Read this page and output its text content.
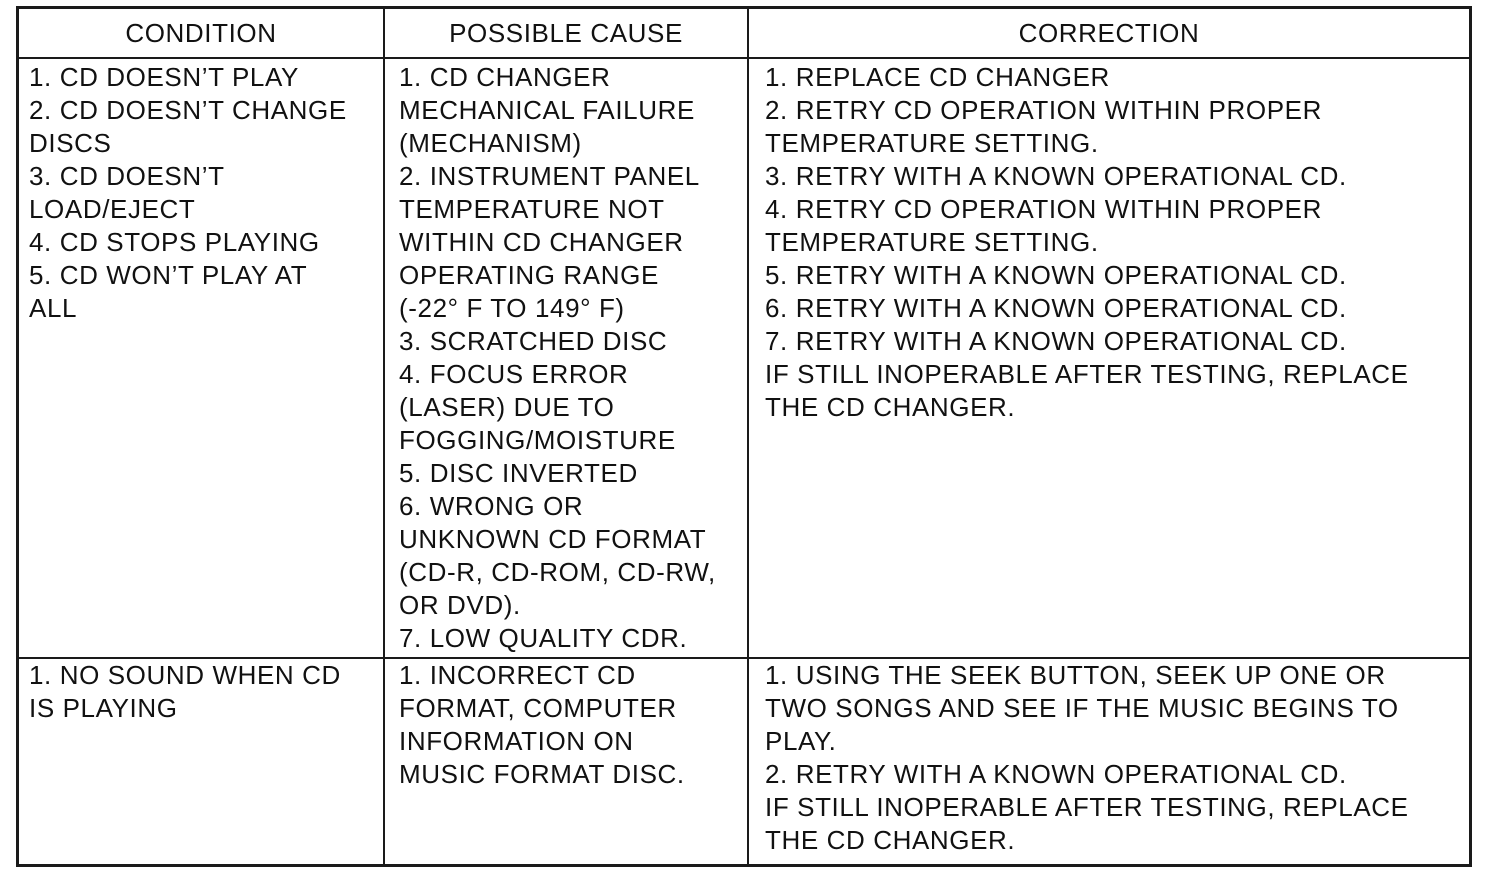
CONDITION	POSSIBLE CAUSE	CORRECTION
1. CD DOESN’T PLAY
2. CD DOESN’T CHANGE
DISCS
3. CD DOESN’T
LOAD/EJECT
4. CD STOPS PLAYING
5. CD WON’T PLAY AT
ALL
1. CD CHANGER
MECHANICAL FAILURE
(MECHANISM)
2. INSTRUMENT PANEL
TEMPERATURE NOT
WITHIN CD CHANGER
OPERATING RANGE
(-22° F TO 149° F)
3. SCRATCHED DISC
4. FOCUS ERROR
(LASER) DUE TO
FOGGING/MOISTURE
5. DISC INVERTED
6. WRONG OR
UNKNOWN CD FORMAT
(CD-R, CD-ROM, CD-RW,
OR DVD).
7. LOW QUALITY CDR.
1. REPLACE CD CHANGER
2. RETRY CD OPERATION WITHIN PROPER
TEMPERATURE SETTING.
3. RETRY WITH A KNOWN OPERATIONAL CD.
4. RETRY CD OPERATION WITHIN PROPER
TEMPERATURE SETTING.
5. RETRY WITH A KNOWN OPERATIONAL CD.
6. RETRY WITH A KNOWN OPERATIONAL CD.
7. RETRY WITH A KNOWN OPERATIONAL CD.
IF STILL INOPERABLE AFTER TESTING, REPLACE
THE CD CHANGER.
1. NO SOUND WHEN CD
IS PLAYING
1. INCORRECT CD
FORMAT, COMPUTER
INFORMATION ON
MUSIC FORMAT DISC.
1. USING THE SEEK BUTTON, SEEK UP ONE OR
TWO SONGS AND SEE IF THE MUSIC BEGINS TO
PLAY.
2. RETRY WITH A KNOWN OPERATIONAL CD.
IF STILL INOPERABLE AFTER TESTING, REPLACE
THE CD CHANGER.
